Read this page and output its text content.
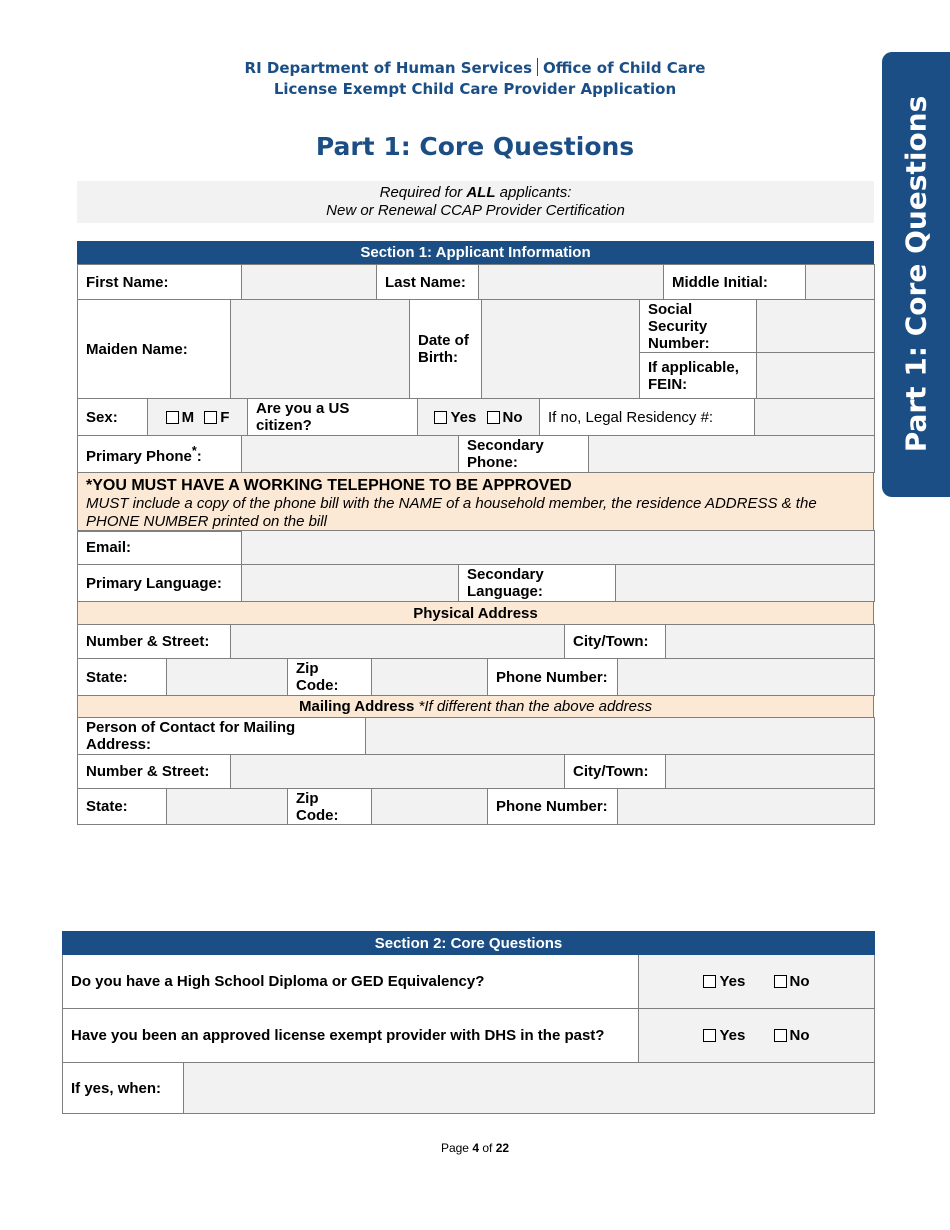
RI Department of Human Services Office of Child Care
License Exempt Child Care Provider Application
Part 1: Core Questions	Part 1: Core Questions
Required for ALL applicants:
New or Renewal CCAP Provider Certification
Section 1: Applicant Information
First Name:		Last Name:		Middle Initial:	
Maiden Name:		Date of Birth:		Social Security Number:	
				If applicable, FEIN:	
Sex:	M F	Are you a US citizen?	Yes No	If no, Legal Residency #:	
Primary Phone*:		Secondary Phone:	
*YOU MUST HAVE A WORKING TELEPHONE TO BE APPROVED
MUST include a copy of the phone bill with the NAME of a household member, the residence ADDRESS & the PHONE NUMBER printed on the bill
Email:	
Primary Language:		Secondary Language:	
Physical Address
Number & Street:		City/Town:	
State:		Zip Code:		Phone Number:	
Mailing Address *If different than the above address
Person of Contact for Mailing Address:	
Number & Street:		City/Town:	
State:		Zip Code:		Phone Number:	
Section 2: Core Questions		
Do you have a High School Diploma or GED Equivalency?		Yes No
Have you been an approved license exempt provider with DHS in the past?		Yes No
If yes, when:		
Page 4 of 22
